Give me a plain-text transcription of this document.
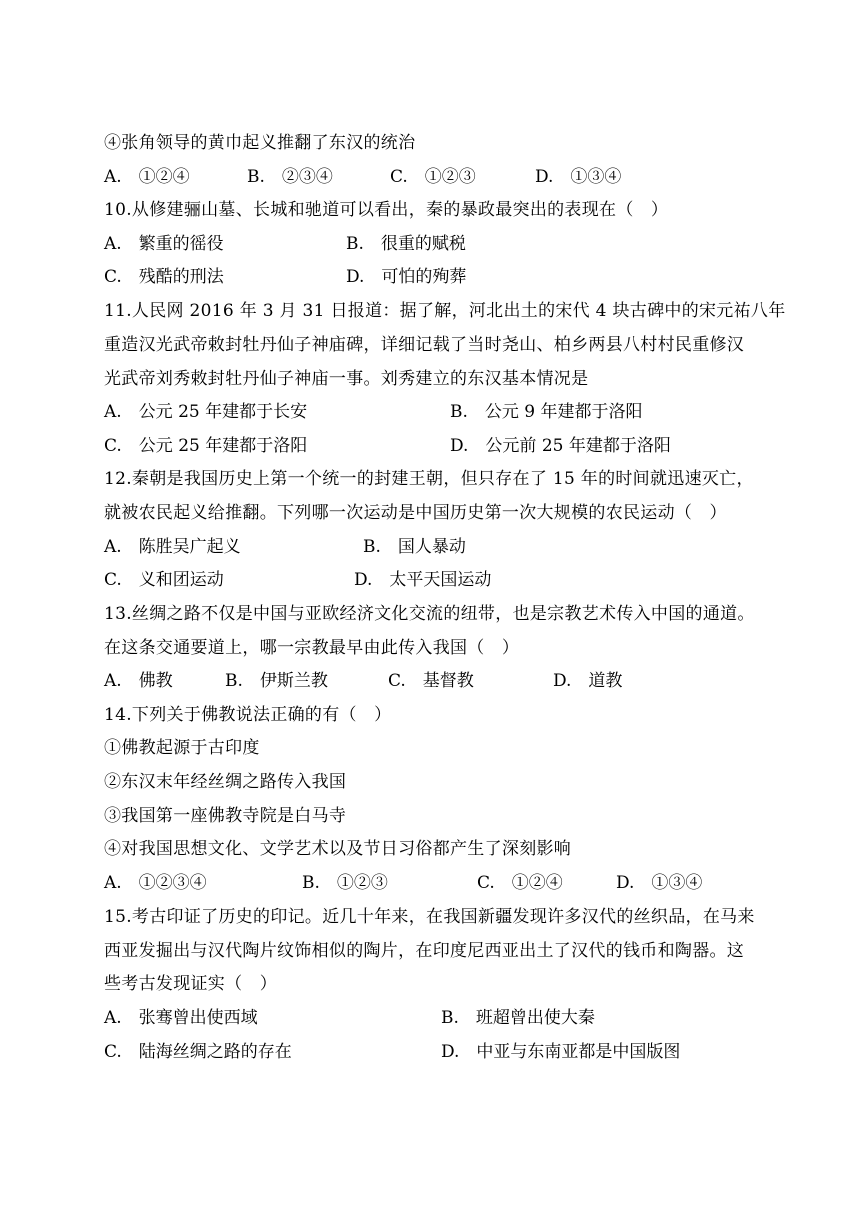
④张角领导的黄巾起义推翻了东汉的统治
A.　①②④	B.　②③④	C.　①②③	D.　①③④
10.从修建骊山墓、长城和驰道可以看出，秦的暴政最突出的表现在（　）
A.　繁重的徭役	B.　很重的赋税
C.　残酷的刑法	D.　可怕的殉葬
11.人民网 2016 年 3 月 31 日报道：据了解，河北出土的宋代 4 块古碑中的宋元祐八年
重造汉光武帝敕封牡丹仙子神庙碑，详细记载了当时尧山、柏乡两县八村村民重修汉
光武帝刘秀敕封牡丹仙子神庙一事。刘秀建立的东汉基本情况是
A.　公元 25 年建都于长安	B.　公元 9 年建都于洛阳
C.　公元 25 年建都于洛阳	D.　公元前 25 年建都于洛阳
12.秦朝是我国历史上第一个统一的封建王朝，但只存在了 15 年的时间就迅速灭亡，
就被农民起义给推翻。下列哪一次运动是中国历史第一次大规模的农民运动（　）
A.　陈胜吴广起义	B.　国人暴动
C.　义和团运动	D.　太平天国运动
13.丝绸之路不仅是中国与亚欧经济文化交流的纽带，也是宗教艺术传入中国的通道。
在这条交通要道上，哪一宗教最早由此传入我国（　）
A.　佛教	B.　伊斯兰教	C.　基督教	D.　道教
14.下列关于佛教说法正确的有（　）
①佛教起源于古印度
②东汉末年经丝绸之路传入我国
③我国第一座佛教寺院是白马寺
④对我国思想文化、文学艺术以及节日习俗都产生了深刻影响
A.　①②③④	B.　①②③	C.　①②④	D.　①③④
15.考古印证了历史的印记。近几十年来，在我国新疆发现许多汉代的丝织品，在马来
西亚发掘出与汉代陶片纹饰相似的陶片，在印度尼西亚出土了汉代的钱币和陶器。这
些考古发现证实（　）
A.　张骞曾出使西域	B.　班超曾出使大秦
C.　陆海丝绸之路的存在	D.　中亚与东南亚都是中国版图
